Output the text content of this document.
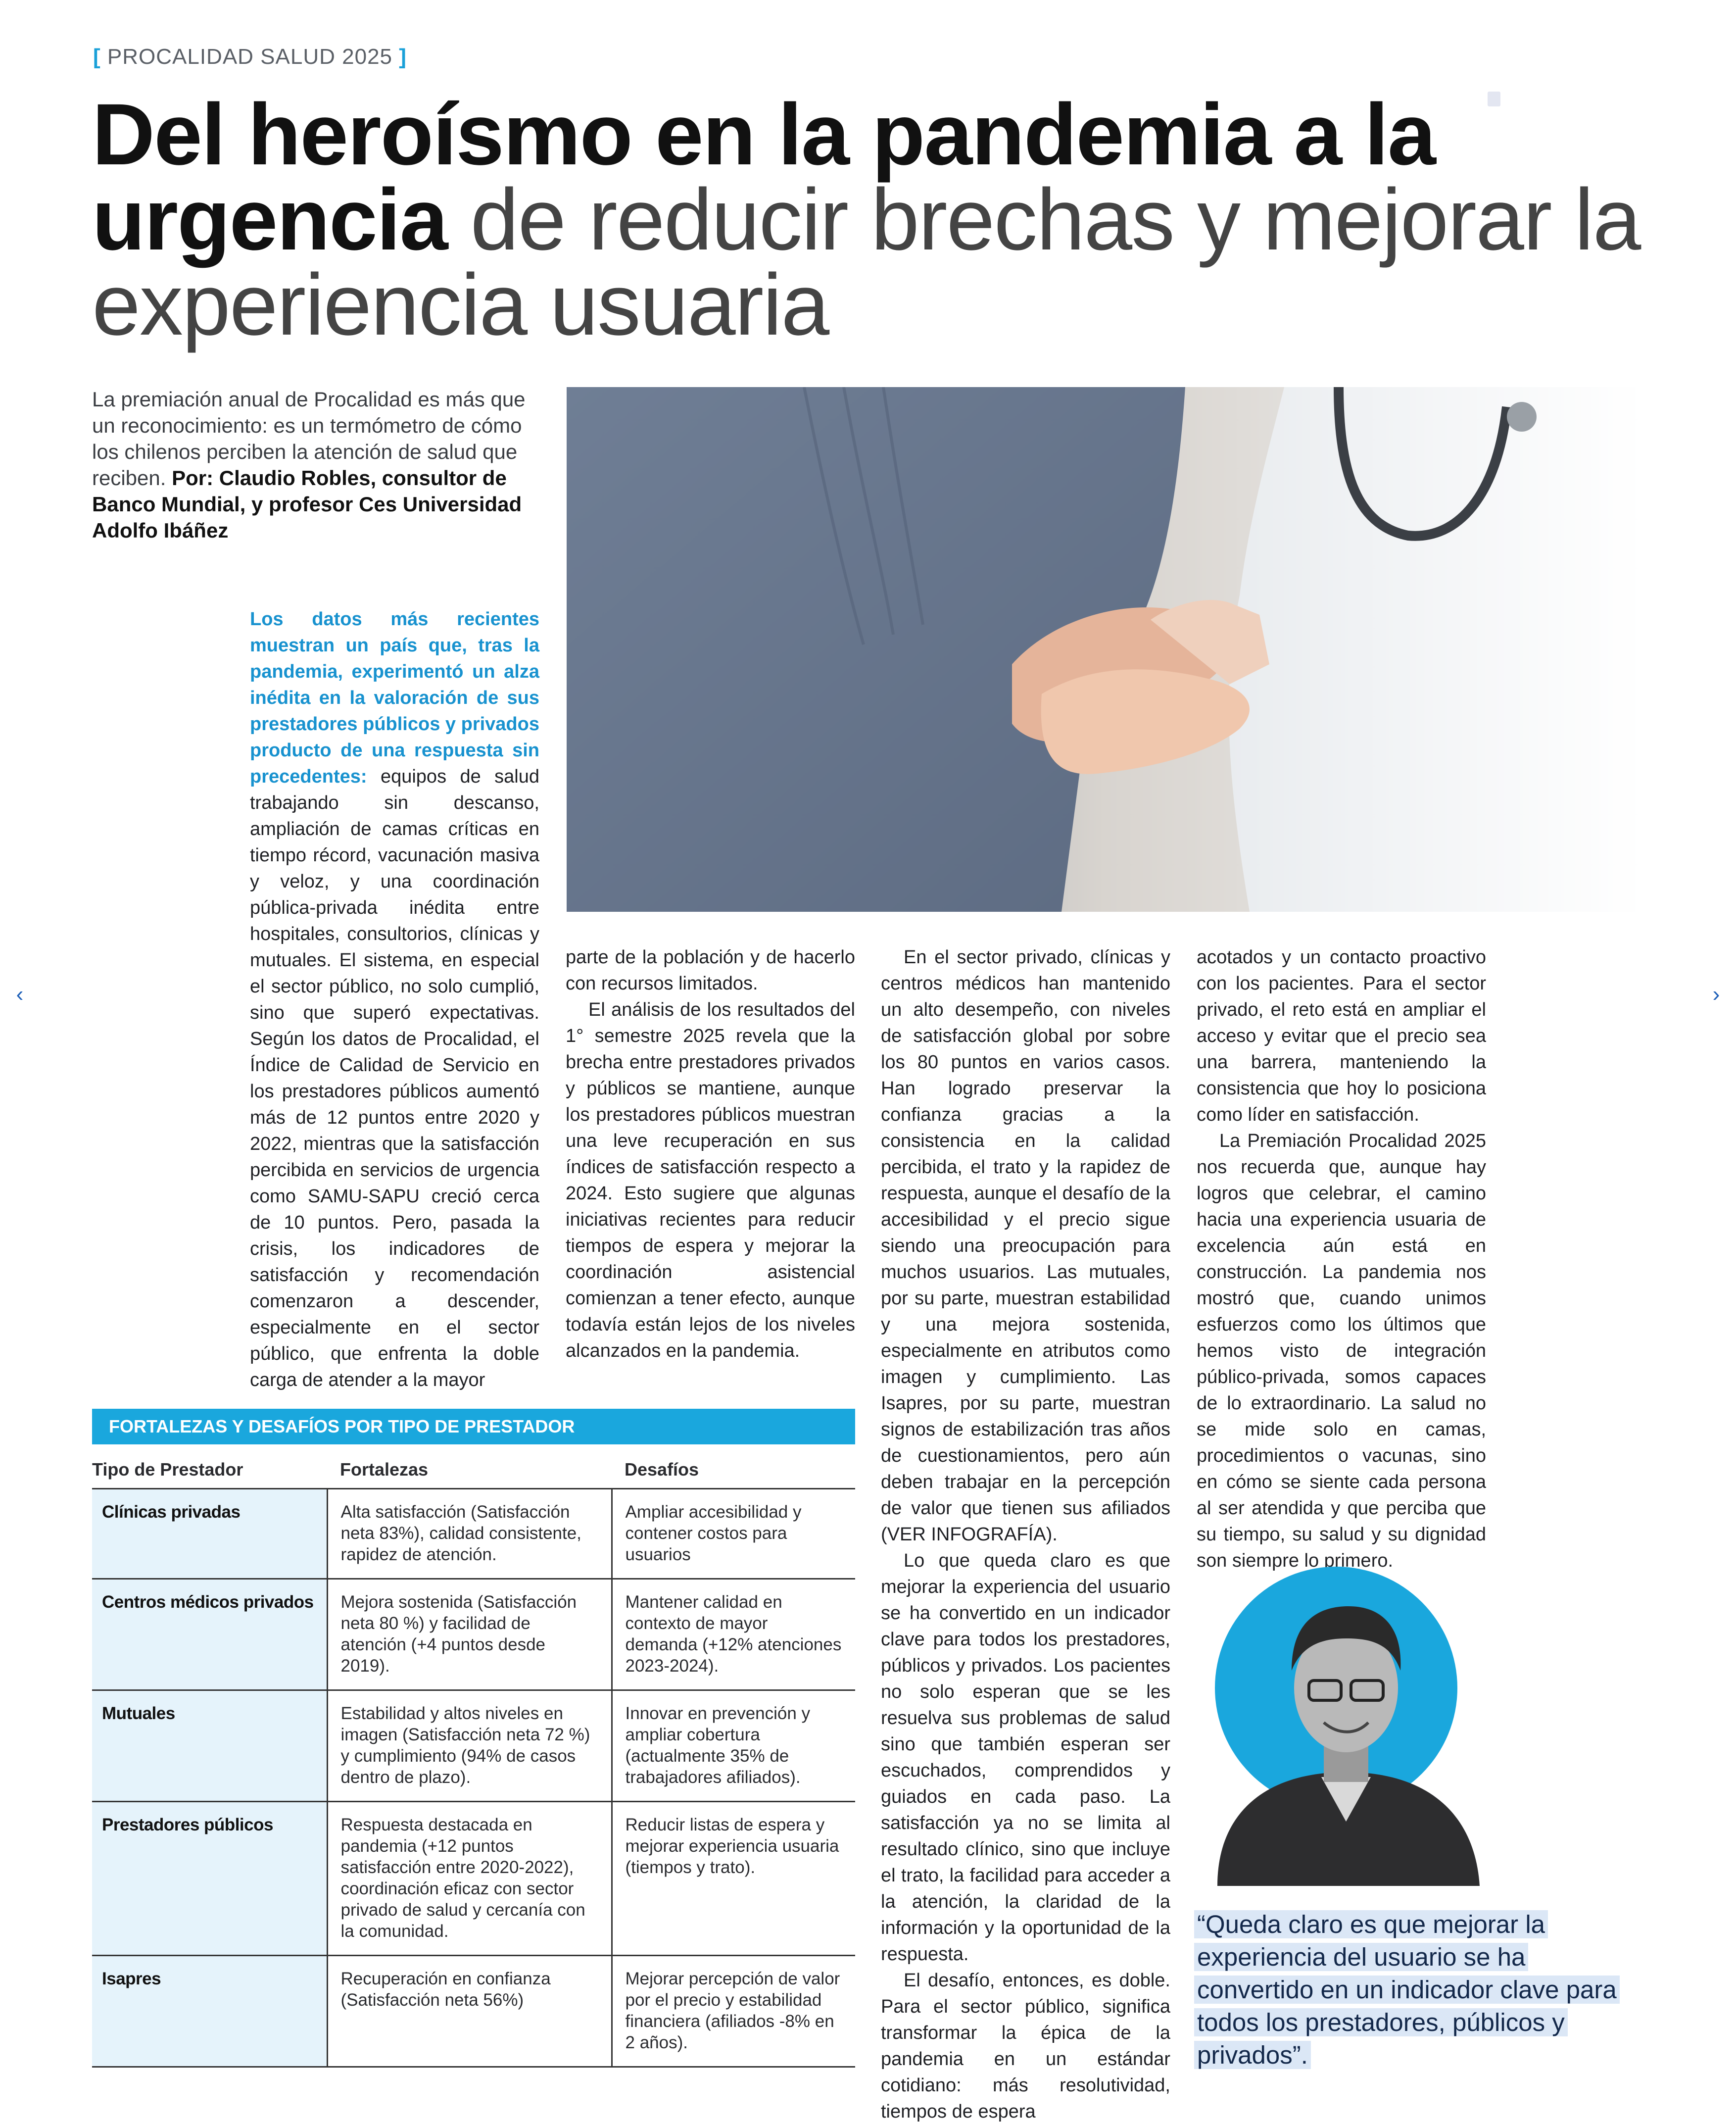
[ PROCALIDAD SALUD 2025 ]
Del heroísmo en la pandemia a la urgencia de reducir brechas y mejorar la experiencia usuaria
La premiación anual de Procalidad es más que un reconocimiento: es un termómetro de cómo los chilenos perciben la atención de salud que reciben. Por: Claudio Robles, consultor de Banco Mundial, y profesor Ces Universidad Adolfo Ibáñez

Los datos más recientes muestran un país que, tras la pandemia, experimentó un alza inédita en la valoración de sus prestadores públicos y privados producto de una respuesta sin precedentes: equipos de salud trabajando sin descanso, ampliación de camas críticas en tiempo récord, vacunación masiva y veloz, y una coordinación pública-privada inédita entre hospitales, consultorios, clínicas y mutuales. El sistema, en especial el sector público, no solo cumplió, sino que superó expectativas. Según los datos de Procalidad, el Índice de Calidad de Servicio en los prestadores públicos aumentó más de 12 puntos entre 2020 y 2022, mientras que la satisfacción percibida en servicios de urgencia como SAMU-SAPU creció cerca de 10 puntos. Pero, pasada la crisis, los indicadores de satisfacción y recomendación comenzaron a descender, especialmente en el sector público, que enfrenta la doble carga de atender a la mayor

parte de la población y de hacerlo con recursos limitados.

El análisis de los resultados del 1° semestre 2025 revela que la brecha entre prestadores privados y públicos se mantiene, aunque los prestadores públicos muestran una leve recuperación en sus índices de satisfacción respecto a 2024. Esto sugiere que algunas iniciativas recientes para reducir tiempos de espera y mejorar la coordinación asistencial comienzan a tener efecto, aunque todavía están lejos de los niveles alcanzados en la pandemia.

En el sector privado, clínicas y centros médicos han mantenido un alto desempeño, con niveles de satisfacción global por sobre los 80 puntos en varios casos. Han logrado preservar la confianza gracias a la consistencia en la calidad percibida, el trato y la rapidez de respuesta, aunque el desafío de la accesibilidad y el precio sigue siendo una preocupación para muchos usuarios. Las mutuales, por su parte, muestran estabilidad y una mejora sostenida, especialmente en atributos como imagen y cumplimiento. Las Isapres, por su parte, muestran signos de estabilización tras años de cuestionamientos, pero aún deben trabajar en la percepción de valor que tienen sus afiliados (VER INFOGRAFÍA).

Lo que queda claro es que mejorar la experiencia del usuario se ha convertido en un indicador clave para todos los prestadores, públicos y privados. Los pacientes no solo esperan que se les resuelva sus problemas de salud sino que también esperan ser escuchados, comprendidos y guiados en cada paso. La satisfacción ya no se limita al resultado clínico, sino que incluye el trato, la facilidad para acceder a la atención, la claridad de la información y la oportunidad de la respuesta.

El desafío, entonces, es doble. Para el sector público, significa transformar la épica de la pandemia en un estándar cotidiano: más resolutividad, tiempos de espera

acotados y un contacto proactivo con los pacientes. Para el sector privado, el reto está en ampliar el acceso y evitar que el precio sea una barrera, manteniendo la consistencia que hoy lo posiciona como líder en satisfacción.

La Premiación Procalidad 2025 nos recuerda que, aunque hay logros que celebrar, el camino hacia una experiencia usuaria de excelencia aún está en construcción. La pandemia nos mostró que, cuando unimos esfuerzos como los últimos que hemos visto de integración público-privada, somos capaces de lo extraordinario. La salud no se mide solo en camas, procedimientos o vacunas, sino en cómo se siente cada persona al ser atendida y que perciba que su tiempo, su salud y su dignidad son siempre lo primero.

‹	›
FORTALEZAS Y DESAFÍOS POR TIPO DE PRESTADOR
Tipo de Prestador	Fortalezas	Desafíos
Clínicas privadas	Alta satisfacción (Satisfacción neta 83%), calidad consistente, rapidez de atención.	Ampliar accesibilidad y contener costos para usuarios
Centros médicos privados	Mejora sostenida (Satisfacción neta 80 %) y facilidad de atención (+4 puntos desde 2019).	Mantener calidad en contexto de mayor demanda (+12% atenciones 2023-2024).
Mutuales	Estabilidad y altos niveles en imagen (Satisfacción neta 72 %) y cumplimiento (94% de casos dentro de plazo).	Innovar en prevención y ampliar cobertura (actualmente 35% de trabajadores afiliados).
Prestadores públicos	Respuesta destacada en pandemia (+12 puntos satisfacción entre 2020-2022), coordinación eficaz con sector privado de salud y cercanía con la comunidad.	Reducir listas de espera y mejorar experiencia usuaria (tiempos y trato).
Isapres	Recuperación en confianza (Satisfacción neta 56%)	Mejorar percepción de valor por el precio y estabilidad financiera (afiliados -8% en 2 años).
“Queda claro es que mejorar la experiencia del usuario se ha convertido en un indicador clave para todos los prestadores, públicos y privados”.
